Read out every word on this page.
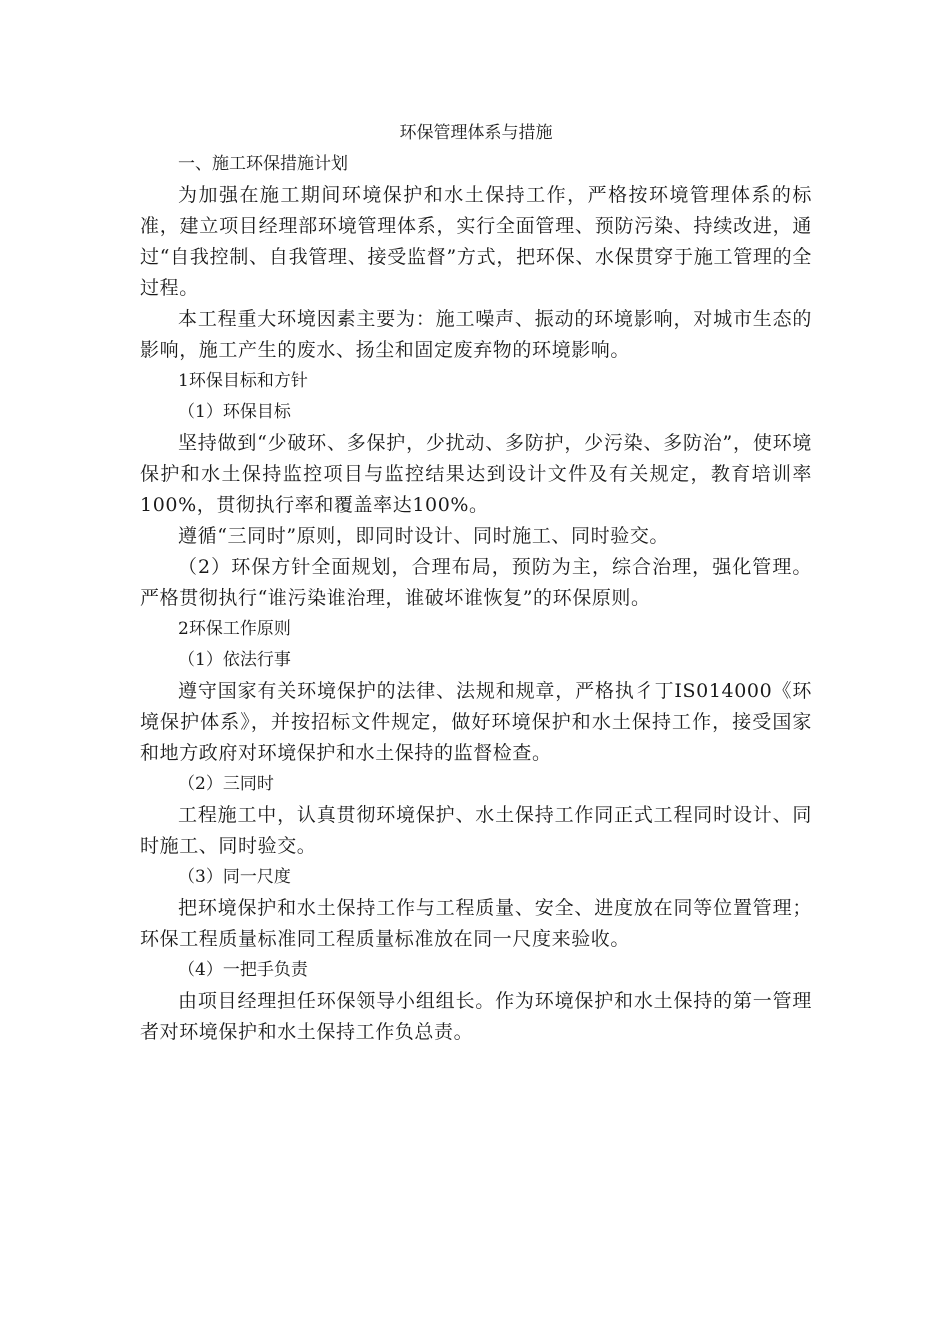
环保管理体系与措施

一、施工环保措施计划

为加强在施工期间环境保护和水土保持工作，严格按环境管理体系的标准，建立项目经理部环境管理体系，实行全面管理、预防污染、持续改进，通过“自我控制、自我管理、接受监督”方式，把环保、水保贯穿于施工管理的全过程。

本工程重大环境因素主要为：施工噪声、振动的环境影响，对城市生态的影响，施工产生的废水、扬尘和固定废弃物的环境影响。

1环保目标和方针

（1）环保目标

坚持做到“少破环、多保护，少扰动、多防护，少污染、多防治”，使环境保护和水土保持监控项目与监控结果达到设计文件及有关规定，教育培训率100%，贯彻执行率和覆盖率达100%。

遵循“三同时”原则，即同时设计、同时施工、同时验交。

（2）环保方针全面规划，合理布局，预防为主，综合治理，强化管理。严格贯彻执行“谁污染谁治理，谁破坏谁恢复”的环保原则。

2环保工作原则

（1）依法行事

遵守国家有关环境保护的法律、法规和规章，严格执彳丁IS014000《环境保护体系》，并按招标文件规定，做好环境保护和水土保持工作，接受国家和地方政府对环境保护和水土保持的监督检查。

（2）三同时

工程施工中，认真贯彻环境保护、水土保持工作同正式工程同时设计、同时施工、同时验交。

（3）同一尺度

把环境保护和水土保持工作与工程质量、安全、进度放在同等位置管理；环保工程质量标准同工程质量标准放在同一尺度来验收。

（4）一把手负责

由项目经理担任环保领导小组组长。作为环境保护和水土保持的第一管理者对环境保护和水土保持工作负总责。
